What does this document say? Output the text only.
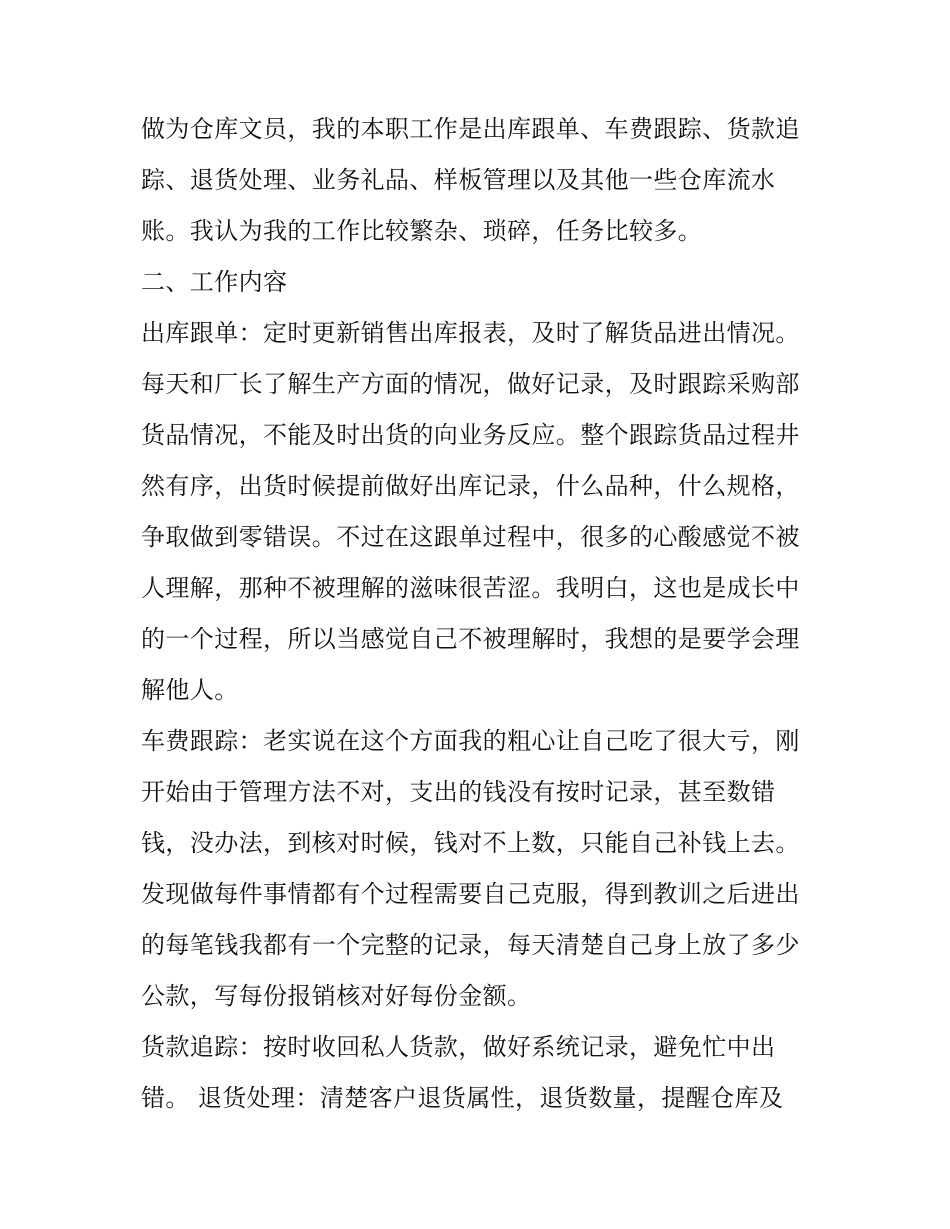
做为仓库文员，我的本职工作是出库跟单、车费跟踪、货款追
踪、退货处理、业务礼品、样板管理以及其他一些仓库流水
账。我认为我的工作比较繁杂、琐碎，任务比较多。
二、工作内容
出库跟单：定时更新销售出库报表，及时了解货品进出情况。
每天和厂长了解生产方面的情况，做好记录，及时跟踪采购部
货品情况，不能及时出货的向业务反应。整个跟踪货品过程井
然有序，出货时候提前做好出库记录，什么品种，什么规格，
争取做到零错误。不过在这跟单过程中，很多的心酸感觉不被
人理解，那种不被理解的滋味很苦涩。我明白，这也是成长中
的一个过程，所以当感觉自己不被理解时，我想的是要学会理
解他人。
车费跟踪：老实说在这个方面我的粗心让自己吃了很大亏，刚
开始由于管理方法不对，支出的钱没有按时记录，甚至数错
钱，没办法，到核对时候，钱对不上数，只能自己补钱上去。
发现做每件事情都有个过程需要自己克服，得到教训之后进出
的每笔钱我都有一个完整的记录，每天清楚自己身上放了多少
公款，写每份报销核对好每份金额。
货款追踪：按时收回私人货款，做好系统记录，避免忙中出
错。 退货处理：清楚客户退货属性，退货数量，提醒仓库及
